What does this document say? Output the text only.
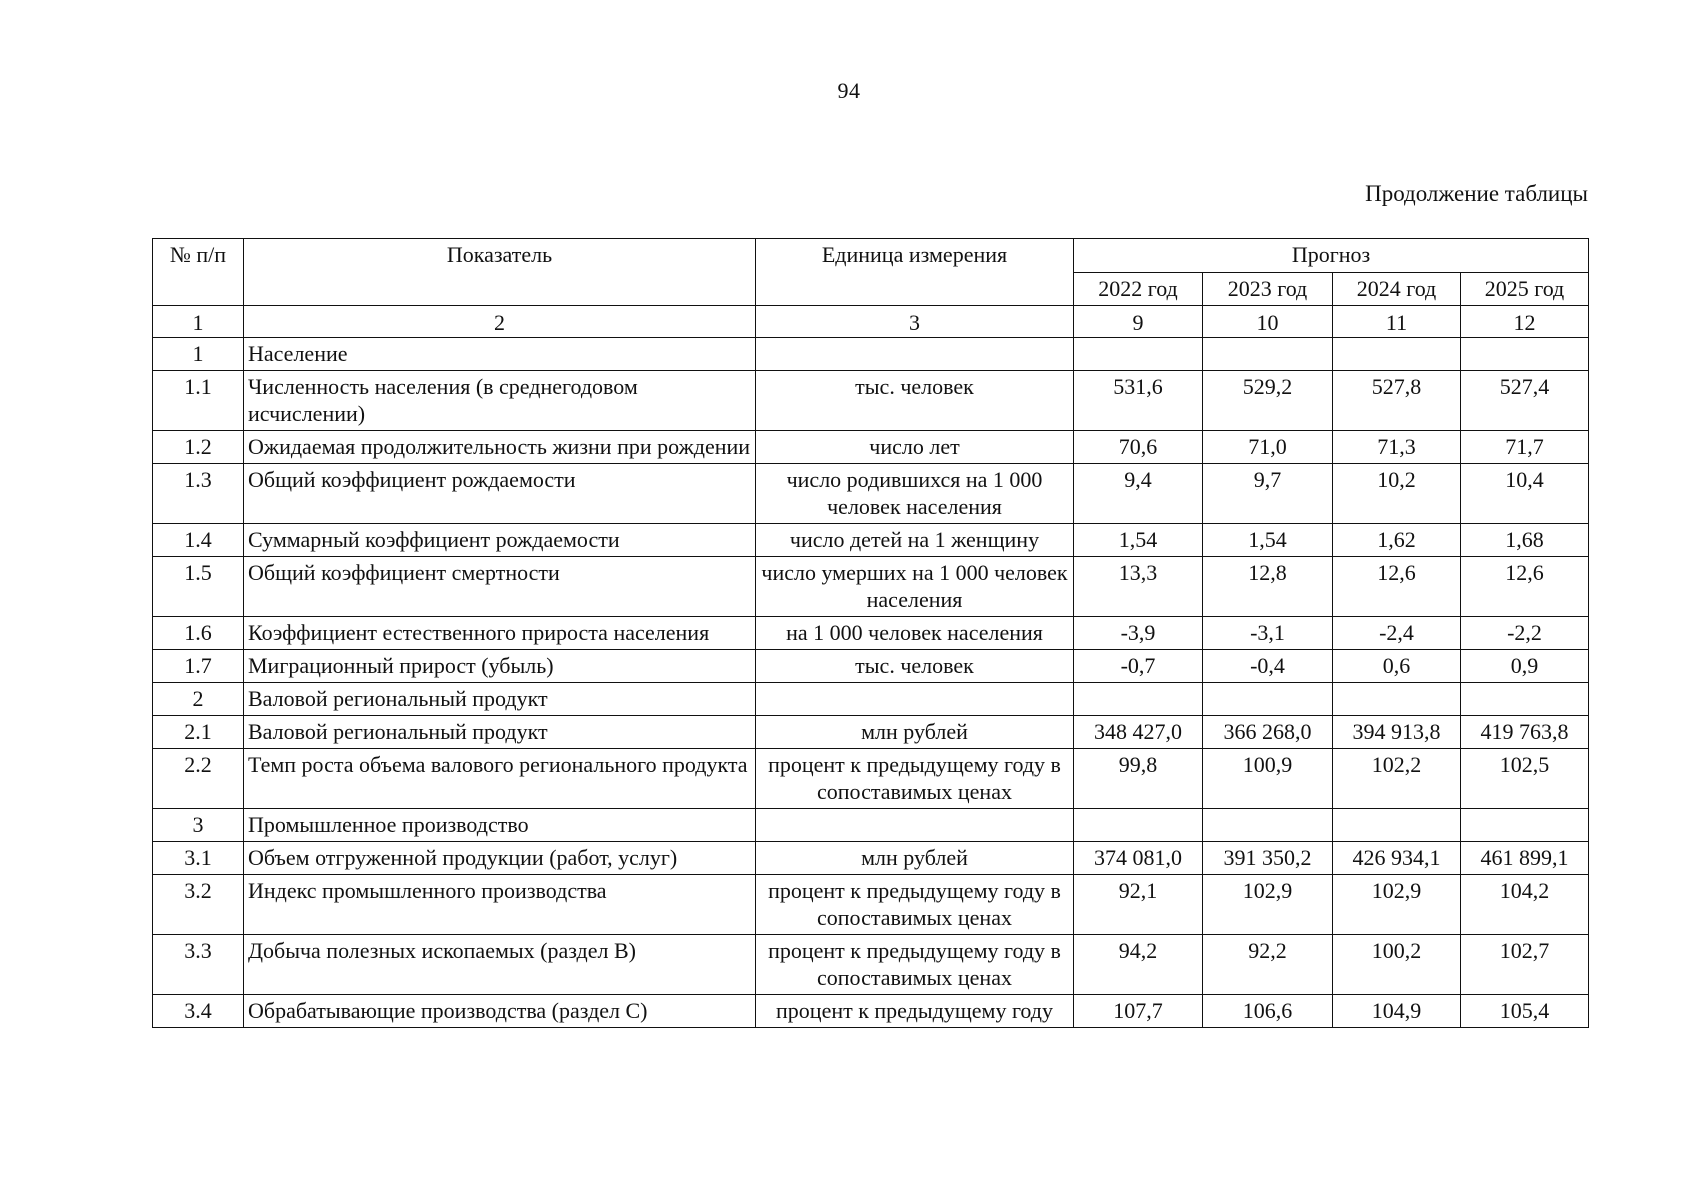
94
Продолжение таблицы
№ п/п	Показатель	Единица измерения	Прогноз			
			2022 год	2023 год	2024 год	2025 год
1	2	3	9	10	11	12
1	Население					
1.1	Численность населения (в среднегодовом исчислении)	тыс. человек	531,6	529,2	527,8	527,4
1.2	Ожидаемая продолжительность жизни при рождении	число лет	70,6	71,0	71,3	71,7
1.3	Общий коэффициент рождаемости	число родившихся на 1 000 человек населения	9,4	9,7	10,2	10,4
1.4	Суммарный коэффициент рождаемости	число детей на 1 женщину	1,54	1,54	1,62	1,68
1.5	Общий коэффициент смертности	число умерших на 1 000 человек населения	13,3	12,8	12,6	12,6
1.6	Коэффициент естественного прироста населения	на 1 000 человек населения	-3,9	-3,1	-2,4	-2,2
1.7	Миграционный прирост (убыль)	тыс. человек	-0,7	-0,4	0,6	0,9
2	Валовой региональный продукт					
2.1	Валовой региональный продукт	млн рублей	348 427,0	366 268,0	394 913,8	419 763,8
2.2	Темп роста объема валового регионального продукта	процент к предыдущему году в сопоставимых ценах	99,8	100,9	102,2	102,5
3	Промышленное производство					
3.1	Объем отгруженной продукции (работ, услуг)	млн рублей	374 081,0	391 350,2	426 934,1	461 899,1
3.2	Индекс промышленного производства	процент к предыдущему году в сопоставимых ценах	92,1	102,9	102,9	104,2
3.3	Добыча полезных ископаемых (раздел B)	процент к предыдущему году в сопоставимых ценах	94,2	92,2	100,2	102,7
3.4	Обрабатывающие производства (раздел C)	процент к предыдущему году	107,7	106,6	104,9	105,4
